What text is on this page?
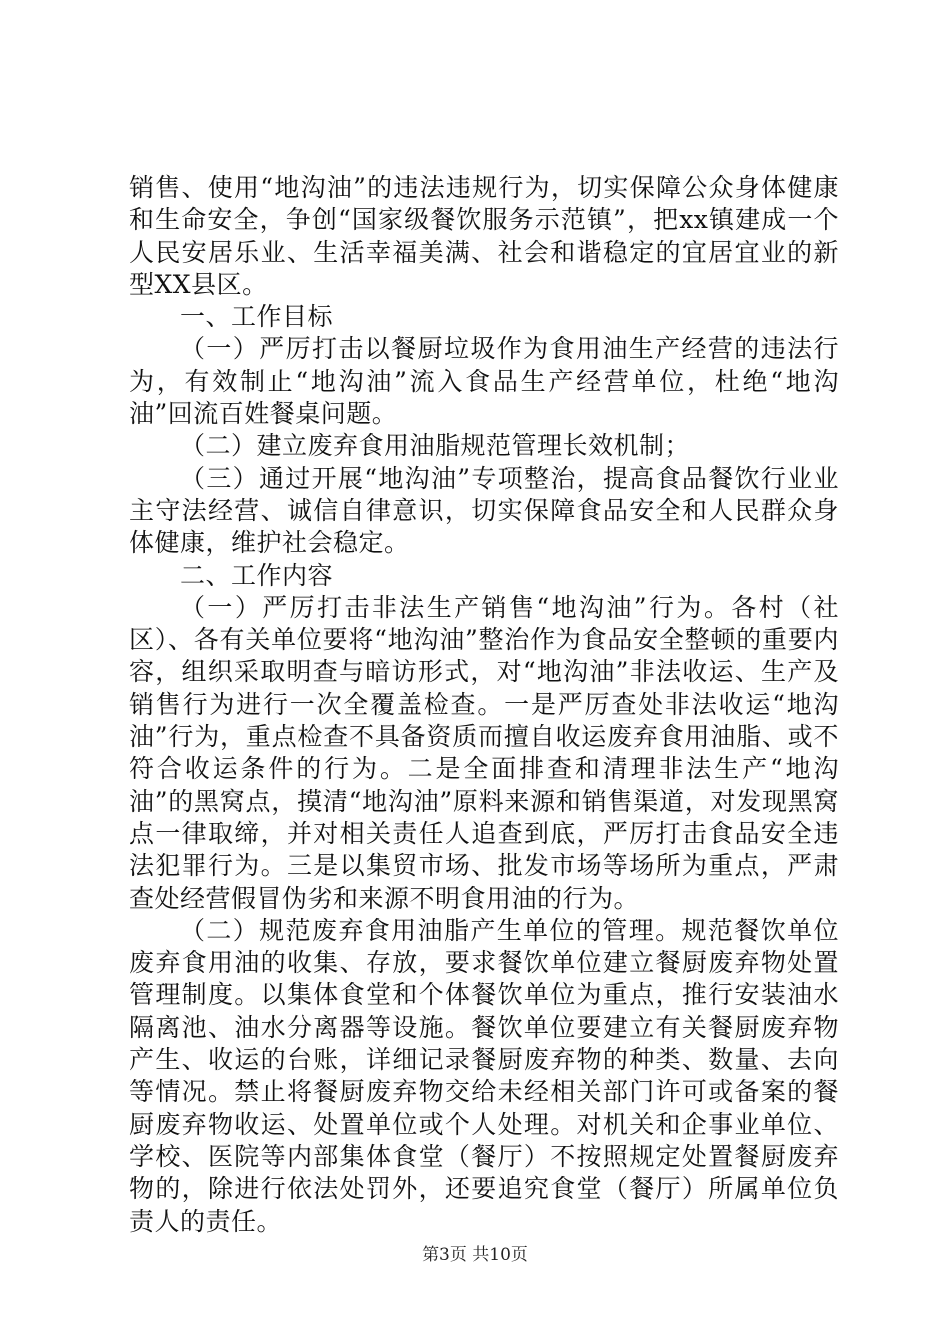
销售、使用“地沟油”的违法违规行为，切实保障公众身体健康和生命安全，争创“国家级餐饮服务示范镇”，把xx镇建成一个人民安居乐业、生活幸福美满、社会和谐稳定的宜居宜业的新型XX县区。

一、工作目标

（一）严厉打击以餐厨垃圾作为食用油生产经营的违法行为，有效制止“地沟油”流入食品生产经营单位，杜绝“地沟油”回流百姓餐桌问题。

（二）建立废弃食用油脂规范管理长效机制；

（三）通过开展“地沟油”专项整治，提高食品餐饮行业业主守法经营、诚信自律意识，切实保障食品安全和人民群众身体健康，维护社会稳定。

二、工作内容

（一）严厉打击非法生产销售“地沟油”行为。各村（社区）、各有关单位要将“地沟油”整治作为食品安全整顿的重要内容，组织采取明查与暗访形式，对“地沟油”非法收运、生产及销售行为进行一次全覆盖检查。一是严厉查处非法收运“地沟油”行为，重点检查不具备资质而擅自收运废弃食用油脂、或不符合收运条件的行为。二是全面排查和清理非法生产“地沟油”的黑窝点，摸清“地沟油”原料来源和销售渠道，对发现黑窝点一律取缔，并对相关责任人追查到底，严厉打击食品安全违法犯罪行为。三是以集贸市场、批发市场等场所为重点，严肃查处经营假冒伪劣和来源不明食用油的行为。

（二）规范废弃食用油脂产生单位的管理。规范餐饮单位废弃食用油的收集、存放，要求餐饮单位建立餐厨废弃物处置管理制度。以集体食堂和个体餐饮单位为重点，推行安装油水隔离池、油水分离器等设施。餐饮单位要建立有关餐厨废弃物产生、收运的台账，详细记录餐厨废弃物的种类、数量、去向等情况。禁止将餐厨废弃物交给未经相关部门许可或备案的餐厨废弃物收运、处置单位或个人处理。对机关和企事业单位、学校、医院等内部集体食堂（餐厅）不按照规定处置餐厨废弃物的，除进行依法处罚外，还要追究食堂（餐厅）所属单位负责人的责任。

第3页 共10页
